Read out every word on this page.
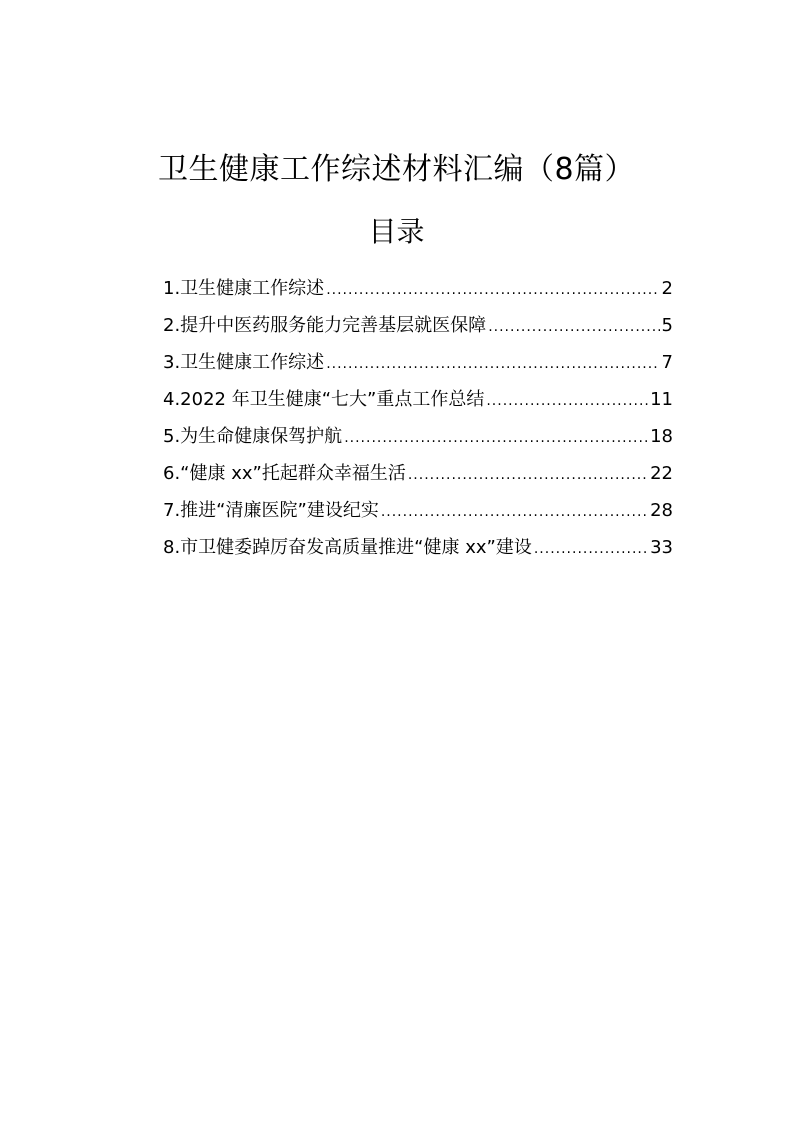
卫生健康工作综述材料汇编（8篇）
目录
1.卫生健康工作综述 .....	2
2.提升中医药服务能力完善基层就医保障 .....	5
3.卫生健康工作综述 .....	7
4.2022 年卫生健康“七大”重点工作总结 .....	11
5.为生命健康保驾护航 .....	18
6.“健康 xx”托起群众幸福生活 .....	22
7.推进“清廉医院”建设纪实 .....	28
8.市卫健委踔厉奋发高质量推进“健康 xx”建设 .....	33
